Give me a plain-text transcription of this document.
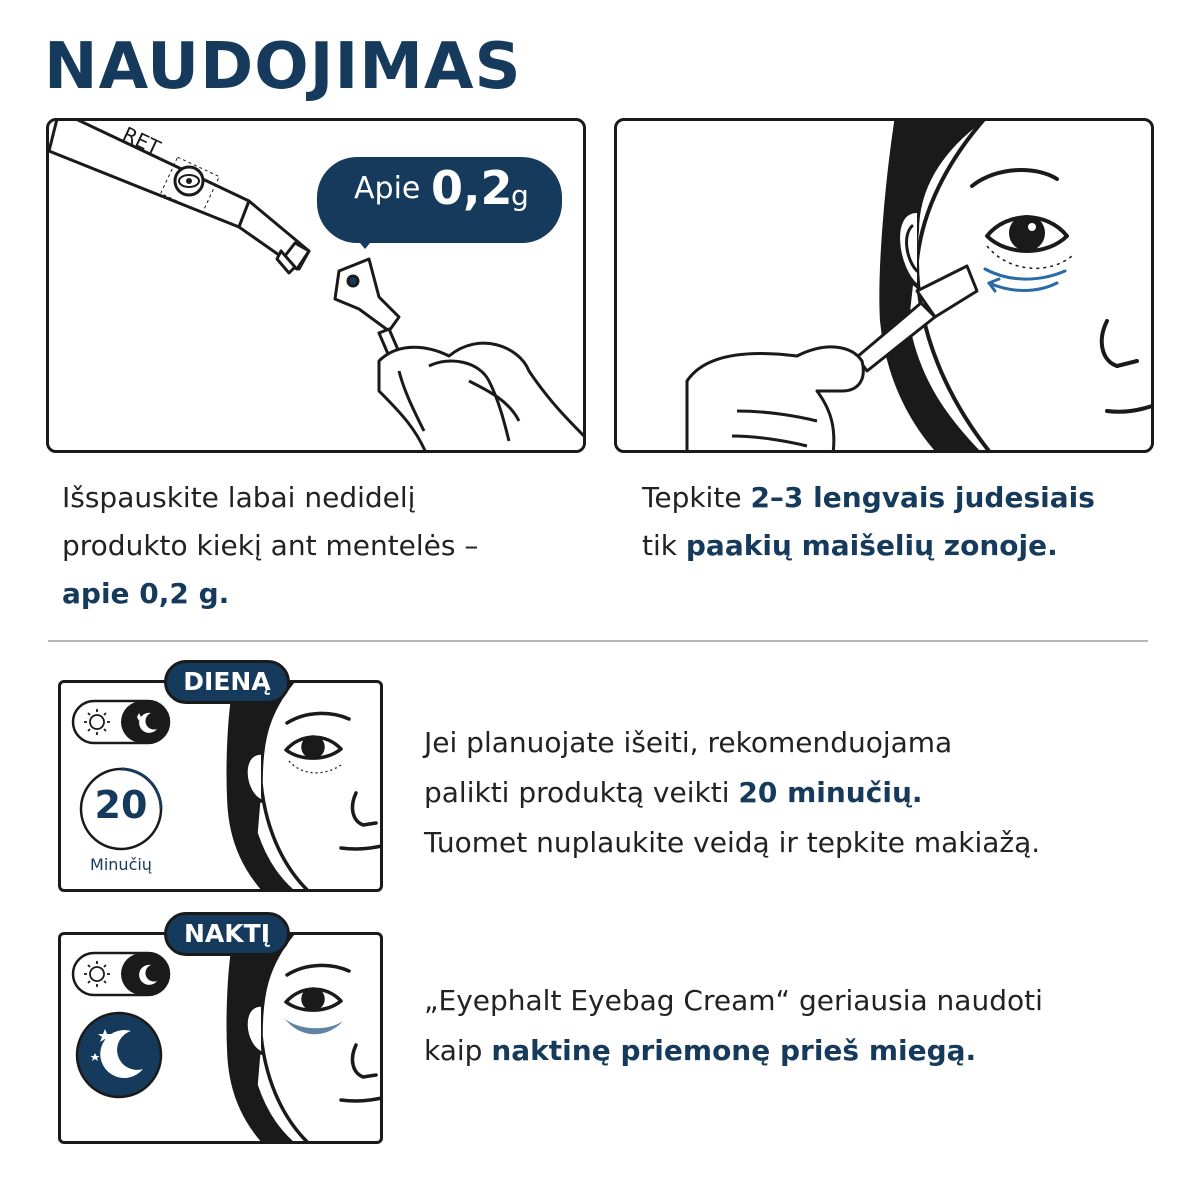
NAUDOJIMAS
RET
Apie 0,2
g
Išspauskite labai nedidelį
produkto kiekį ant mentelės –
apie 0,2 g.
Tepkite 2–3 lengvais judesiais
tik paakių maišelių zonoje.
20
Minučių
DIENĄ
Jei planuojate išeiti, rekomenduojama
palikti produktą veikti 20 minučių.
Tuomet nuplaukite veidą ir tepkite makiažą.
NAKTĮ
„Eyephalt Eyebag Cream“ geriausia naudoti
kaip naktinę priemonę prieš miegą.
